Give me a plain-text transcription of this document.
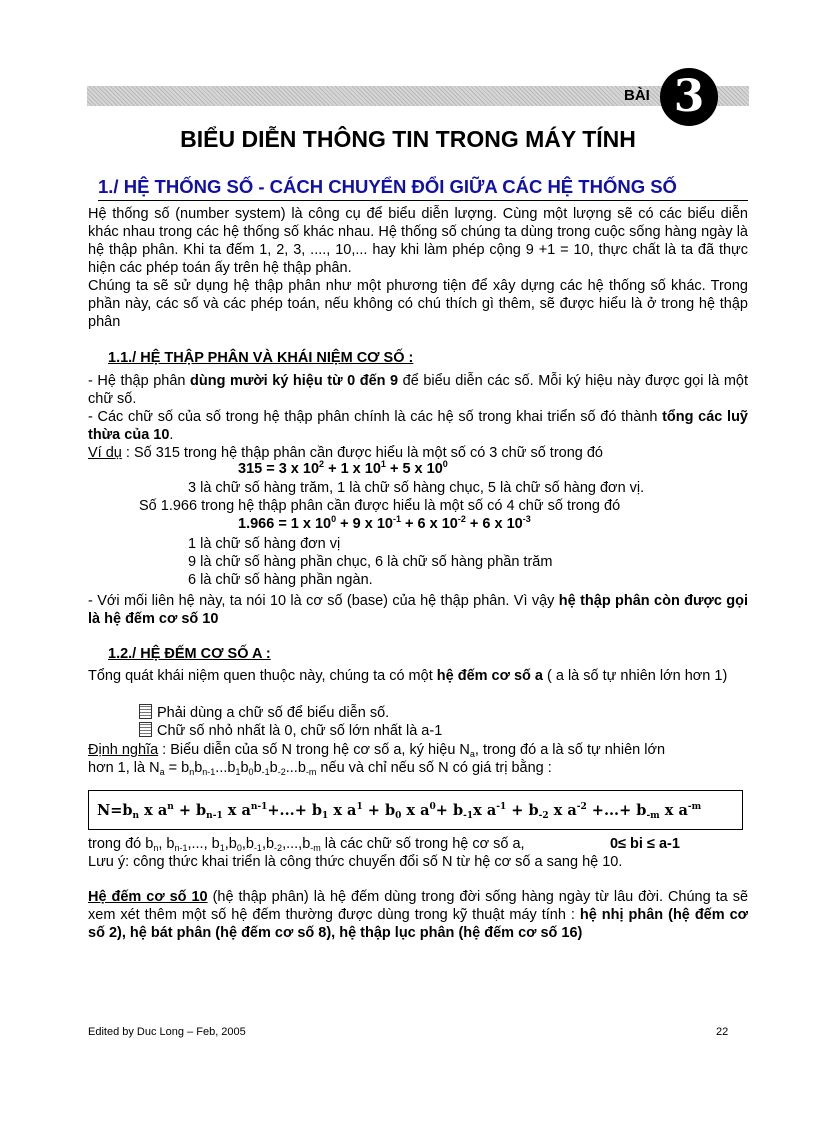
BÀI 3
BIỂU DIỄN THÔNG TIN TRONG MÁY TÍNH
1./ HỆ THỐNG SỐ - CÁCH CHUYỂN ĐỔI GIỮA CÁC HỆ THỐNG SỐ
Hệ thống số (number system) là công cụ để biểu diễn lượng. Cùng một lượng sẽ có các biểu diễn khác nhau trong các hệ thống số khác nhau. Hệ thống số chúng ta dùng trong cuộc sống hàng ngày là hệ thập phân. Khi ta đếm 1, 2, 3, ...., 10,... hay khi làm phép cộng 9 +1 = 10, thực chất là ta đã thực hiện các phép toán ấy trên hệ thập phân.
Chúng ta sẽ sử dụng hệ thập phân như một phương tiện để xây dựng các hệ thống số khác. Trong phần này, các số và các phép toán, nếu không có chú thích gì thêm, sẽ được hiểu là ở trong hệ thập phân
1.1./ HỆ THẬP PHÂN VÀ KHÁI NIỆM CƠ SỐ :
- Hệ thập phân dùng mười ký hiệu từ 0 đến 9 để biểu diễn các số. Mỗi ký hiệu này được gọi là một chữ số.
- Các chữ số của số trong hệ thập phân chính là các hệ số trong khai triển số đó thành tổng các luỹ thừa của 10.
Ví dụ : Số 315 trong hệ thập phân cần được hiểu là một số có 3 chữ số trong đó
315 = 3 x $10^2 + 1$ x $10^1 + 5$ x $10^0$
3 là chữ số hàng trăm, 1 là chữ số hàng chục, 5 là chữ số hàng đơn vị.
Số 1.966 trong hệ thập phân cần được hiểu là một số có 4 chữ số trong đó
1.966 = 1 x $10^0 + 9$ x $10^{-1} + 6$ x $10^{-2} + 6$ x $10^{-3}$
1 là chữ số hàng đơn vị
9 là chữ số hàng phần chục, 6 là chữ số hàng phần trăm
6 là chữ số hàng phần ngàn.
- Với mối liên hệ này, ta nói 10 là cơ số (base) của hệ thập phân. Vì vậy hệ thập phân còn được gọi là hệ đếm cơ số 10
1.2./ HỆ ĐẾM CƠ SỐ A :
Tổng quát khái niệm quen thuộc này, chúng ta có một hệ đếm cơ số a ( a là số tự nhiên lớn hơn 1)
Phải dùng a chữ số để biểu diễn số.
Chữ số nhỏ nhất là 0, chữ số lớn nhất là a-1
Định nghĩa : Biểu diễn của số N trong hệ cơ số a, ký hiệu $N_a$, trong đó a là số tự nhiên lớn
hơn 1, là $N_a = b_nb_{n-1}...b_1b_0b_{-1}b_{-2}...b_{-m}$ nếu và chỉ nếu số N có giá trị bằng :
$N=b_n$ x $a^n + b_{n-1}$ x $a^{n-1}+...+ b_1$ x $a^1 + b_0$ x $a^0+ b_{-1}x$ $a^{-1} + b_{-2}$ x $a^{-2}$ +...+ $b_{-m}$ x $a^{-m}$
trong đó $b_n$, $b_{n-1}$,..., $b_1,b_0,b_{-1},b_{-2},...,b_{-m}$ là các chữ số trong hệ cơ số a,	0≤ bi ≤ a-1
Lưu ý: công thức khai triển là công thức chuyển đổi số N từ hệ cơ số a sang hệ 10.
Hệ đếm cơ số 10 (hệ thập phân) là hệ đếm dùng trong đời sống hàng ngày từ lâu đời. Chúng ta sẽ xem xét thêm một số hệ đếm thường được dùng trong kỹ thuật máy tính : hệ nhị phân (hệ đếm cơ số 2), hệ bát phân (hệ đếm cơ số 8), hệ thập lục phân (hệ đếm cơ số 16)
Edited by Duc Long – Feb, 2005	22
